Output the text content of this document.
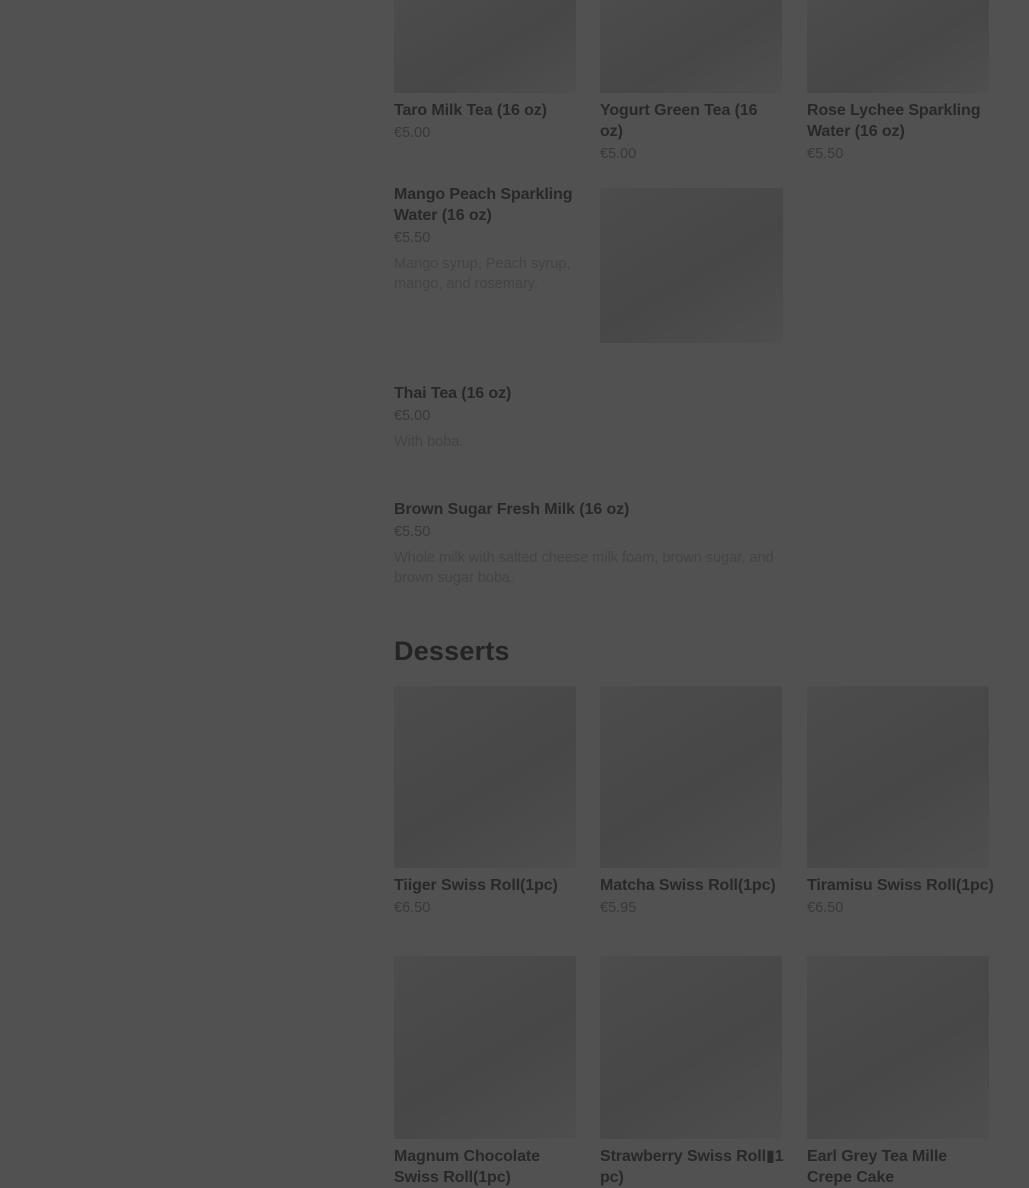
Taro Milk Tea (16 oz)
€5.00
Yogurt Green Tea (16 oz)
€5.00
Rose Lychee Sparkling Water (16 oz)
€5.50
Mango Peach Sparkling Water (16 oz)
€5.50
Mango syrup, Peach syrup, mango, and rosemary.
Thai Tea (16 oz)
€5.00
With boba.
Brown Sugar Fresh Milk (16 oz)
€5.50
Whole milk with salted cheese milk foam, brown sugar, and brown sugar boba.
Desserts
Tiiger Swiss Roll(1pc)
€6.50
Matcha Swiss Roll(1pc)
€5.95
Tiramisu Swiss Roll(1pc)
€6.50
Magnum Chocolate Swiss Roll(1pc)
Strawberry Swiss Roll▮1 pc)
Earl Grey Tea Mille Crepe Cake
